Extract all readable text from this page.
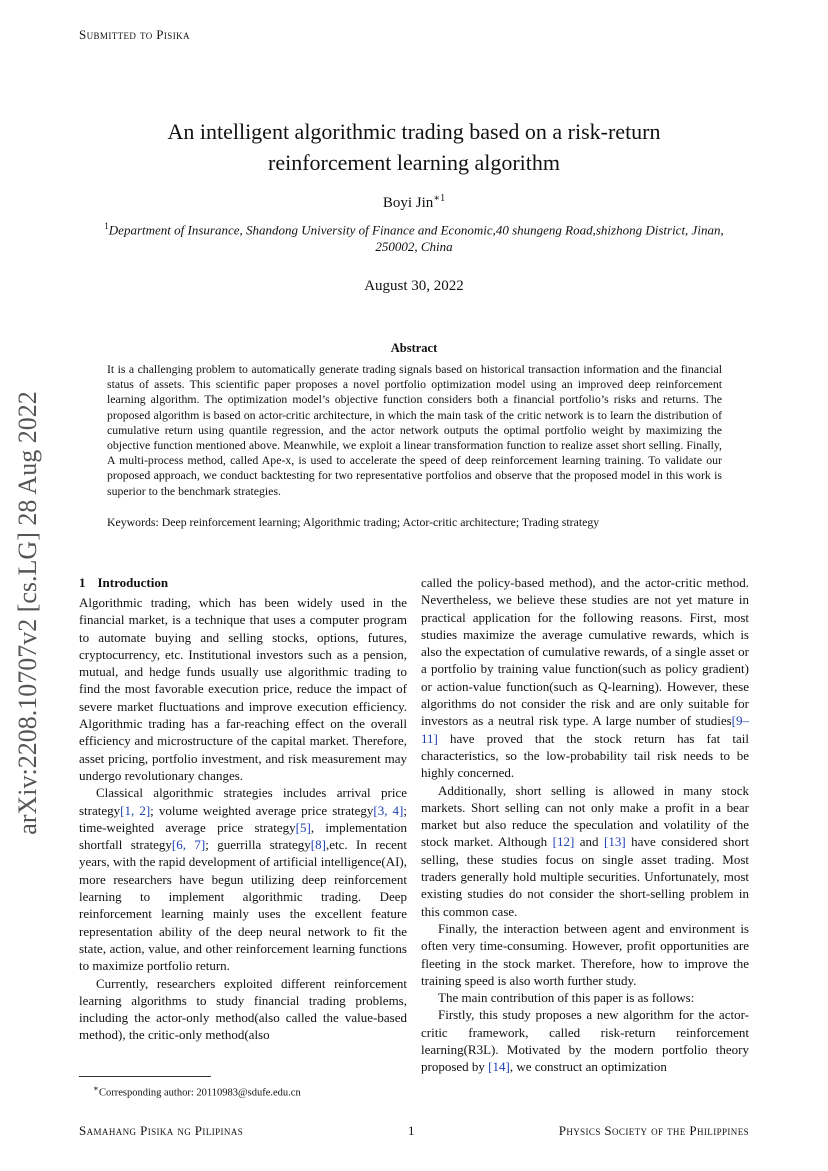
Submitted to Pisika
An intelligent algorithmic trading based on a risk-return
reinforcement learning algorithm
Boyi Jin$^{∗1}$
$^1$Department of Insurance, Shandong University of Finance and Economic,40 shungeng Road,shizhong District, Jinan, 250002, China
August 30, 2022
Abstract
It is a challenging problem to automatically generate trading signals based on historical transaction information and the financial status of assets. This scientific paper proposes a novel portfolio optimization model using an improved deep reinforcement learning algorithm. The optimization model’s objective function considers both a financial portfolio’s risks and returns. The proposed algorithm is based on actor-critic architecture, in which the main task of the critic network is to learn the distribution of cumulative return using quantile regression, and the actor network outputs the optimal portfolio weight by maximizing the objective function mentioned above. Meanwhile, we exploit a linear transformation function to realize asset short selling. Finally, A multi-process method, called Ape-x, is used to accelerate the speed of deep reinforcement learning training. To validate our proposed approach, we conduct backtesting for two representative portfolios and observe that the proposed model in this work is superior to the benchmark strategies.
Keywords: Deep reinforcement learning; Algorithmic trading; Actor-critic architecture; Trading strategy
arXiv:2208.10707v2 [cs.LG] 28 Aug 2022	1 Introduction

Algorithmic trading, which has been widely used in the financial market, is a technique that uses a computer program to automate buying and selling stocks, options, futures, cryptocurrency, etc. Institutional investors such as a pension, mutual, and hedge funds usually use algorithmic trading to find the most favorable execution price, reduce the impact of severe market fluctuations and improve execution efficiency. Algorithmic trading has a far-reaching effect on the overall efficiency and microstructure of the capital market. Therefore, asset pricing, portfolio investment, and risk measurement may undergo revolutionary changes.

Classical algorithmic strategies includes arrival price strategy[1, 2]; volume weighted average price strategy[3, 4]; time-weighted average price strategy[5], implementation shortfall strategy[6, 7]; guerrilla strategy[8],etc. In recent years, with the rapid development of artificial intelligence(AI), more researchers have begun utilizing deep reinforcement learning to implement algorithmic trading. Deep reinforcement learning mainly uses the excellent feature representation ability of the deep neural network to fit the state, action, value, and other reinforcement learning functions to maximize portfolio return.

Currently, researchers exploited different reinforcement learning algorithms to study financial trading problems, including the actor-only method(also called the value-based method), the critic-only method(also

called the policy-based method), and the actor-critic method. Nevertheless, we believe these studies are not yet mature in practical application for the following reasons. First, most studies maximize the average cumulative rewards, which is also the expectation of cumulative rewards, of a single asset or a portfolio by training value function(such as policy gradient) or action-value function(such as Q-learning). However, these algorithms do not consider the risk and are only suitable for investors as a neutral risk type. A large number of studies[9–11] have proved that the stock return has fat tail characteristics, so the low-probability tail risk needs to be highly concerned.

Additionally, short selling is allowed in many stock markets. Short selling can not only make a profit in a bear market but also reduce the speculation and volatility of the stock market. Although [12] and [13] have considered short selling, these studies focus on single asset trading. Most traders generally hold multiple securities. Unfortunately, most existing studies do not consider the short-selling problem in this common case.

Finally, the interaction between agent and environment is often very time-consuming. However, profit opportunities are fleeting in the stock market. Therefore, how to improve the training speed is also worth further study.

The main contribution of this paper is as follows:

Firstly, this study proposes a new algorithm for the actor-critic framework, called risk-return reinforcement learning(R3L). Motivated by the modern portfolio theory proposed by [14], we construct an optimization

∗Corresponding author: 20110983@sdufe.edu.cn
Samahang Pisika ng Pilipinas	1	Physics Society of the Philippines
